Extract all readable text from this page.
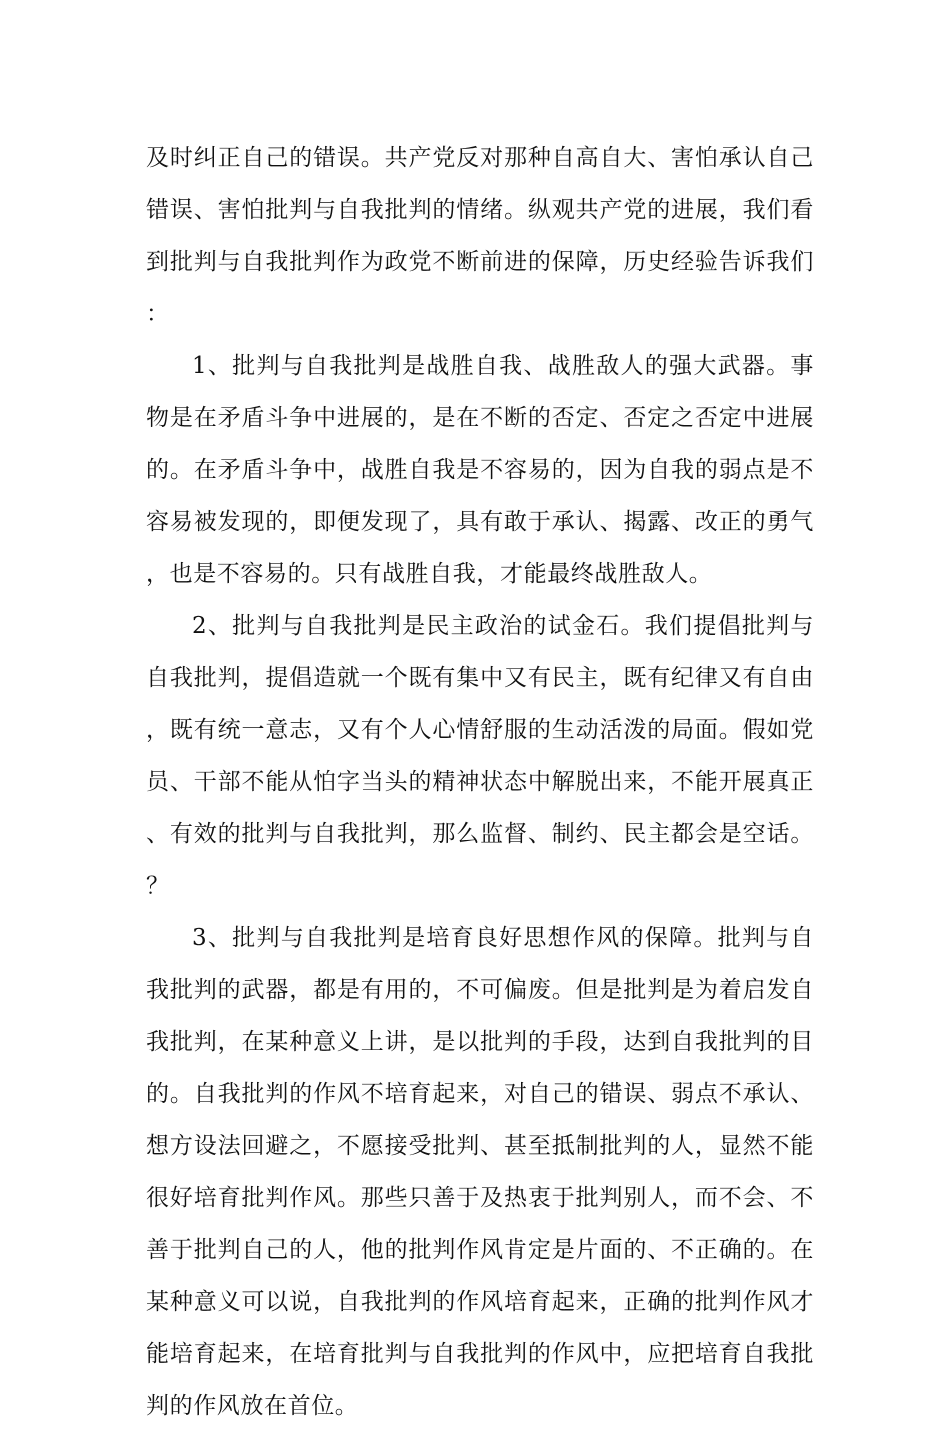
及时纠正自己的错误。共产党反对那种自高自大、害怕承认自己错误、害怕批判与自我批判的情绪。纵观共产党的进展，我们看到批判与自我批判作为政党不断前进的保障，历史经验告诉我们：

1、批判与自我批判是战胜自我、战胜敌人的强大武器。事物是在矛盾斗争中进展的，是在不断的否定、否定之否定中进展的。在矛盾斗争中，战胜自我是不容易的，因为自我的弱点是不容易被发现的，即便发现了，具有敢于承认、揭露、改正的勇气，也是不容易的。只有战胜自我，才能最终战胜敌人。

2、批判与自我批判是民主政治的试金石。我们提倡批判与自我批判，提倡造就一个既有集中又有民主，既有纪律又有自由，既有统一意志，又有个人心情舒服的生动活泼的局面。假如党员、干部不能从怕字当头的精神状态中解脱出来，不能开展真正、有效的批判与自我批判，那么监督、制约、民主都会是空话。？

3、批判与自我批判是培育良好思想作风的保障。批判与自我批判的武器，都是有用的，不可偏废。但是批判是为着启发自我批判，在某种意义上讲，是以批判的手段，达到自我批判的目的。自我批判的作风不培育起来，对自己的错误、弱点不承认、想方设法回避之，不愿接受批判、甚至抵制批判的人，显然不能很好培育批判作风。那些只善于及热衷于批判别人，而不会、不善于批判自己的人，他的批判作风肯定是片面的、不正确的。在某种意义可以说，自我批判的作风培育起来，正确的批判作风才能培育起来，在培育批判与自我批判的作风中，应把培育自我批判的作风放在首位。
